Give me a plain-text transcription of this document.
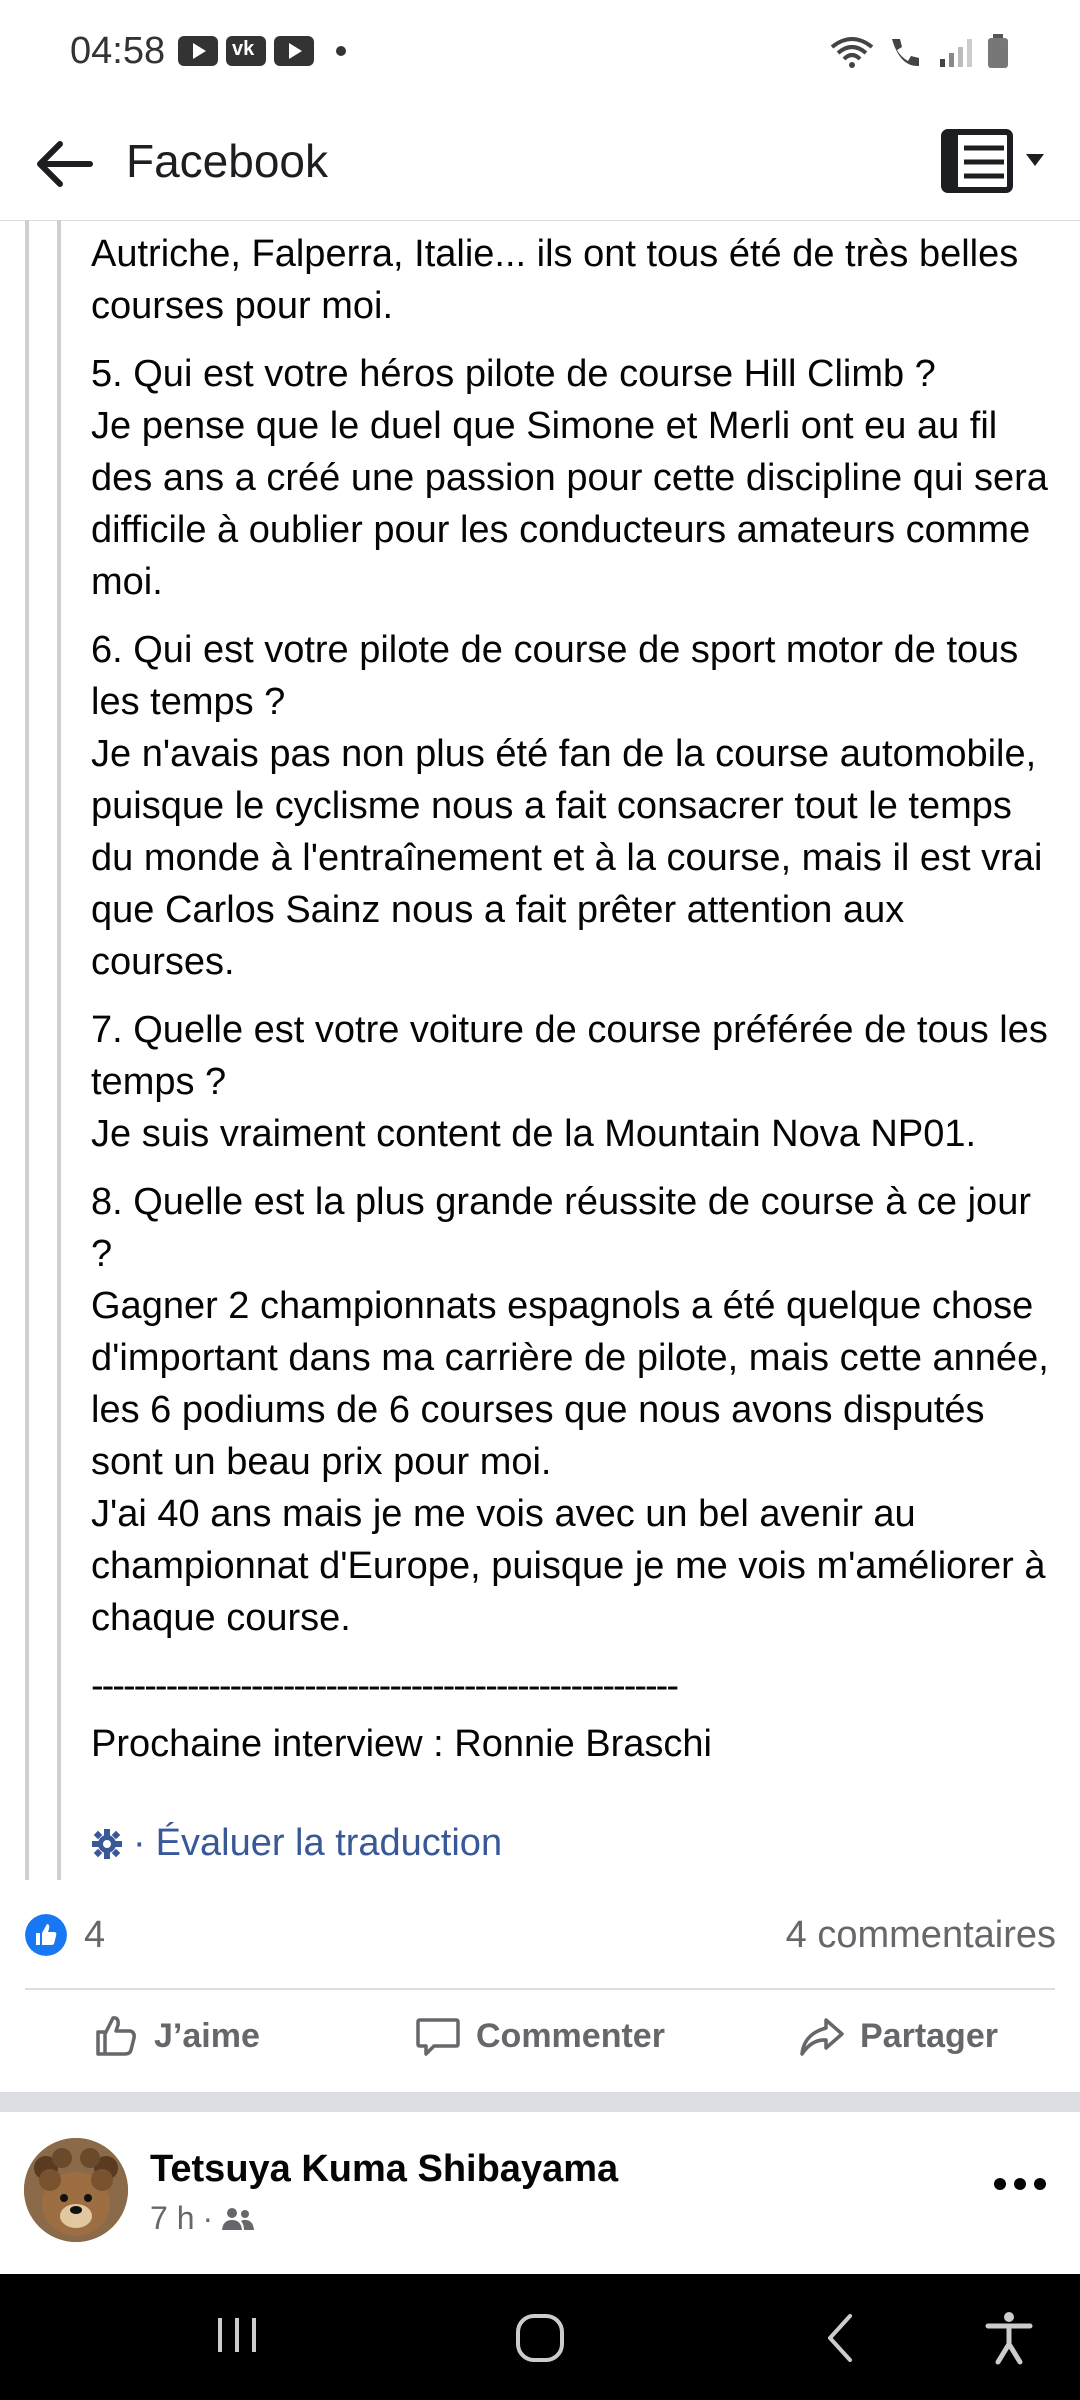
04:58
vk
Facebook

Autriche, Falperra, Italie... ils ont tous été de très belles courses pour moi.

5. Qui est votre héros pilote de course Hill Climb ?
Je pense que le duel que Simone et Merli ont eu au fil des ans a créé une passion pour cette discipline qui sera difficile à oublier pour les conducteurs amateurs comme moi.

6. Qui est votre pilote de course de sport motor de tous les temps ?
Je n'avais pas non plus été fan de la course automobile, puisque le cyclisme nous a fait consacrer tout le temps du monde à l'entraînement et à la course, mais il est vrai que Carlos Sainz nous a fait prêter attention aux courses.

7. Quelle est votre voiture de course préférée de tous les temps ?
Je suis vraiment content de la Mountain Nova NP01.

8. Quelle est la plus grande réussite de course à ce jour ?
Gagner 2 championnats espagnols a été quelque chose d'important dans ma carrière de pilote, mais cette année, les 6 podiums de 6 courses que nous avons disputés sont un beau prix pour moi.
J'ai 40 ans mais je me vois avec un bel avenir au championnat d'Europe, puisque je me vois m'améliorer à chaque course.

-------------------------------------------------------
Prochaine interview : Ronnie Braschi
· Évaluer la traduction
4	4 commentaires
J’aime	Commenter	Partager
Tetsuya Kuma Shibayama
7 h ·
